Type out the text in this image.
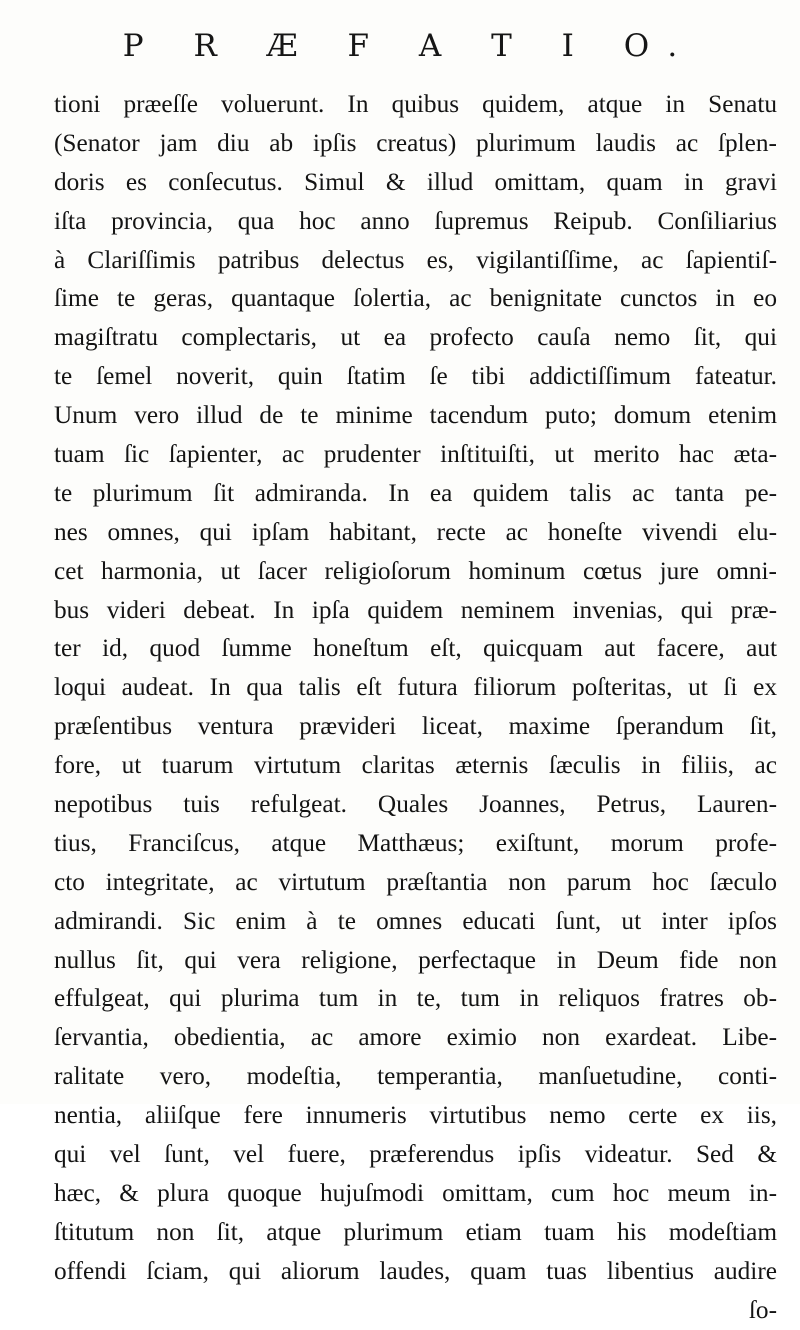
P R Æ F A T I O.
tioni præeſſe voluerunt. In quibus quidem, atque in Senatu
(Senator jam diu ab ipſis creatus) plurimum laudis ac ſplen-
doris es conſecutus. Simul & illud omittam, quam in gravi
iſta provincia, qua hoc anno ſupremus Reipub. Conſiliarius
à Clariſſimis patribus delectus es, vigilantiſſime, ac ſapientiſ-
ſime te geras, quantaque ſolertia, ac benignitate cunctos in eo
magiſtratu complectaris, ut ea profecto cauſa nemo ſit, qui
te ſemel noverit, quin ſtatim ſe tibi addictiſſimum fateatur.
Unum vero illud de te minime tacendum puto; domum etenim
tuam ſic ſapienter, ac prudenter inſtituiſti, ut merito hac æta-
te plurimum ſit admiranda. In ea quidem talis ac tanta pe-
nes omnes, qui ipſam habitant, recte ac honeſte vivendi elu-
cet harmonia, ut ſacer religioſorum hominum cœtus jure omni-
bus videri debeat. In ipſa quidem neminem invenias, qui præ-
ter id, quod ſumme honeſtum eſt, quicquam aut facere, aut
loqui audeat. In qua talis eſt futura filiorum poſteritas, ut ſi ex
præſentibus ventura prævideri liceat, maxime ſperandum ſit,
fore, ut tuarum virtutum claritas æternis ſæculis in filiis, ac
nepotibus tuis refulgeat. Quales Joannes, Petrus, Lauren-
tius, Franciſcus, atque Matthæus; exiſtunt, morum profe-
cto integritate, ac virtutum præſtantia non parum hoc ſæculo
admirandi. Sic enim à te omnes educati ſunt, ut inter ipſos
nullus ſit, qui vera religione, perfectaque in Deum fide non
effulgeat, qui plurima tum in te, tum in reliquos fratres ob-
ſervantia, obedientia, ac amore eximio non exardeat. Libe-
ralitate vero, modeſtia, temperantia, manſuetudine, conti-
nentia, aliiſque fere innumeris virtutibus nemo certe ex iis,
qui vel ſunt, vel fuere, præferendus ipſis videatur. Sed &
hæc, & plura quoque hujuſmodi omittam, cum hoc meum in-
ſtitutum non ſit, atque plurimum etiam tuam his modeſtiam
offendi ſciam, qui aliorum laudes, quam tuas libentius audire
ſo-
